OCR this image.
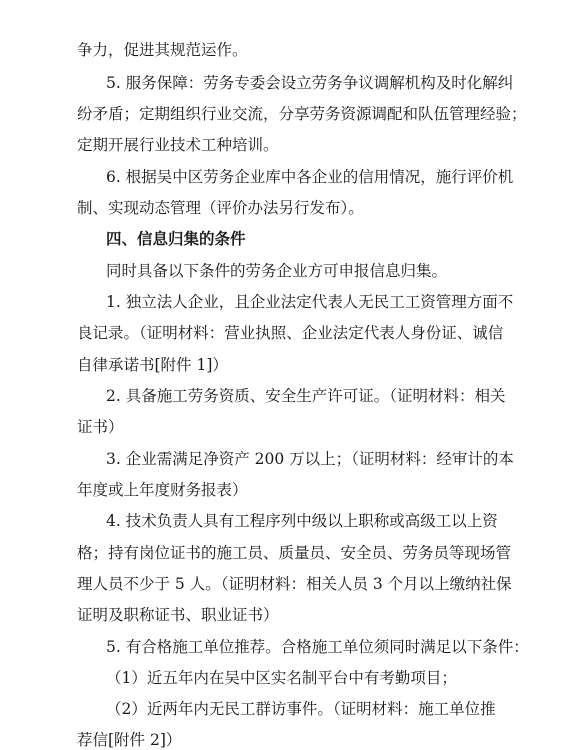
争力，促进其规范运作。
5. 服务保障：劳务专委会设立劳务争议调解机构及时化解纠
纷矛盾；定期组织行业交流，分享劳务资源调配和队伍管理经验；
定期开展行业技术工种培训。
6. 根据吴中区劳务企业库中各企业的信用情况，施行评价机
制、实现动态管理（评价办法另行发布）。
四、信息归集的条件
同时具备以下条件的劳务企业方可申报信息归集。
1. 独立法人企业，且企业法定代表人无民工工资管理方面不
良记录。（证明材料：营业执照、企业法定代表人身份证、诚信
自律承诺书[附件 1]）
2. 具备施工劳务资质、安全生产许可证。（证明材料：相关
证书）
3. 企业需满足净资产 200 万以上；（证明材料：经审计的本
年度或上年度财务报表）
4. 技术负责人具有工程序列中级以上职称或高级工以上资
格；持有岗位证书的施工员、质量员、安全员、劳务员等现场管
理人员不少于 5 人。（证明材料：相关人员 3 个月以上缴纳社保
证明及职称证书、职业证书）
5. 有合格施工单位推荐。合格施工单位须同时满足以下条件：
（1）近五年内在吴中区实名制平台中有考勤项目；
（2）近两年内无民工群访事件。（证明材料：施工单位推
荐信[附件 2]）
